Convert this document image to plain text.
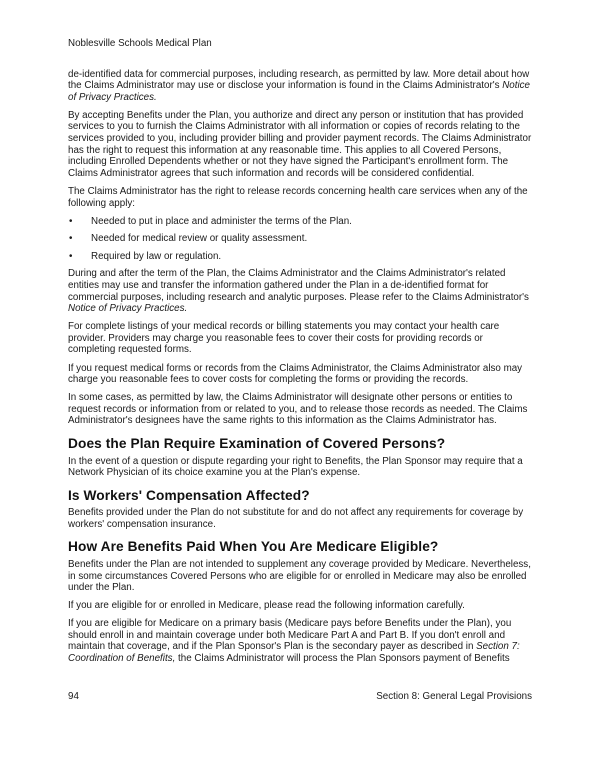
Noblesville Schools Medical Plan

de-identified data for commercial purposes, including research, as permitted by law. More detail about how the Claims Administrator may use or disclose your information is found in the Claims Administrator's Notice of Privacy Practices.

By accepting Benefits under the Plan, you authorize and direct any person or institution that has provided services to you to furnish the Claims Administrator with all information or copies of records relating to the services provided to you, including provider billing and provider payment records. The Claims Administrator has the right to request this information at any reasonable time. This applies to all Covered Persons, including Enrolled Dependents whether or not they have signed the Participant's enrollment form. The Claims Administrator agrees that such information and records will be considered confidential.

The Claims Administrator has the right to release records concerning health care services when any of the following apply:

•	Needed to put in place and administer the terms of the Plan.
•	Needed for medical review or quality assessment.
•	Required by law or regulation.

During and after the term of the Plan, the Claims Administrator and the Claims Administrator's related entities may use and transfer the information gathered under the Plan in a de-identified format for commercial purposes, including research and analytic purposes. Please refer to the Claims Administrator's Notice of Privacy Practices.

For complete listings of your medical records or billing statements you may contact your health care provider. Providers may charge you reasonable fees to cover their costs for providing records or completing requested forms.

If you request medical forms or records from the Claims Administrator, the Claims Administrator also may charge you reasonable fees to cover costs for completing the forms or providing the records.

In some cases, as permitted by law, the Claims Administrator will designate other persons or entities to request records or information from or related to you, and to release those records as needed. The Claims Administrator's designees have the same rights to this information as the Claims Administrator has.

Does the Plan Require Examination of Covered Persons?

In the event of a question or dispute regarding your right to Benefits, the Plan Sponsor may require that a Network Physician of its choice examine you at the Plan's expense.

Is Workers' Compensation Affected?

Benefits provided under the Plan do not substitute for and do not affect any requirements for coverage by workers' compensation insurance.

How Are Benefits Paid When You Are Medicare Eligible?

Benefits under the Plan are not intended to supplement any coverage provided by Medicare. Nevertheless, in some circumstances Covered Persons who are eligible for or enrolled in Medicare may also be enrolled under the Plan.

If you are eligible for or enrolled in Medicare, please read the following information carefully.

If you are eligible for Medicare on a primary basis (Medicare pays before Benefits under the Plan), you should enroll in and maintain coverage under both Medicare Part A and Part B. If you don't enroll and maintain that coverage, and if the Plan Sponsor's Plan is the secondary payer as described in Section 7: Coordination of Benefits, the Claims Administrator will process the Plan Sponsors payment of Benefits

94	Section 8: General Legal Provisions
